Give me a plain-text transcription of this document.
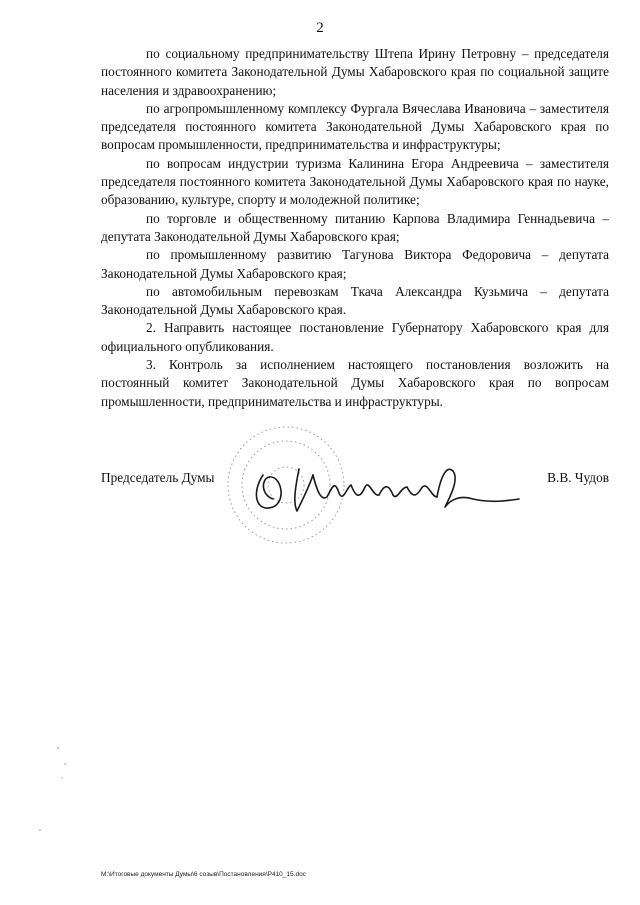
2

по социальному предпринимательству Штепа Ирину Петровну – председателя постоянного комитета Законодательной Думы Хабаровского края по социальной защите населения и здравоохранению;

по агропромышленному комплексу Фургала Вячеслава Ивановича – заместителя председателя постоянного комитета Законодательной Думы Хабаровского края по вопросам промышленности, предпринимательства и инфраструктуры;

по вопросам индустрии туризма Калинина Егора Андреевича – заместителя председателя постоянного комитета Законодательной Думы Хабаровского края по науке, образованию, культуре, спорту и молодежной политике;

по торговле и общественному питанию Карпова Владимира Геннадьевича – депутата Законодательной Думы Хабаровского края;

по промышленному развитию Тагунова Виктора Федоровича – депутата Законодательной Думы Хабаровского края;

по автомобильным перевозкам Ткача Александра Кузьмича – депутата Законодательной Думы Хабаровского края.

2. Направить настоящее постановление Губернатору Хабаровского края для официального опубликования.

3. Контроль за исполнением настоящего постановления возложить на постоянный комитет Законодательной Думы Хабаровского края по вопросам промышленности, предпринимательства и инфраструктуры.

Председатель Думы	В.В. Чудов
M:\Итоговые документы Думы\6 созыв\Постановления\P410_15.doc
